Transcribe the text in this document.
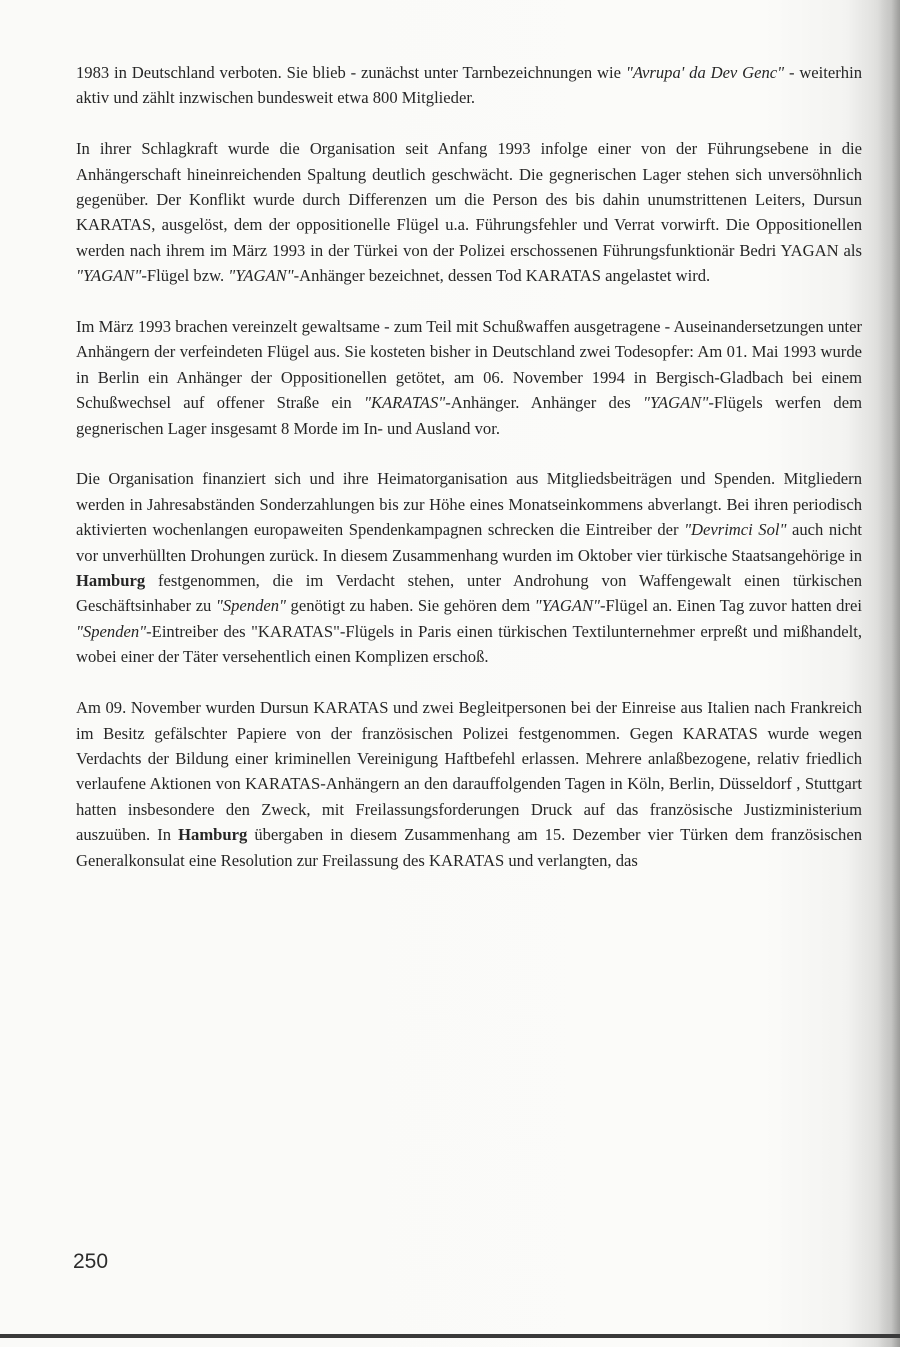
1983 in Deutschland verboten. Sie blieb - zunächst unter Tarnbezeichnungen wie "Avrupa' da Dev Genc" - weiterhin aktiv und zählt inzwischen bundesweit etwa 800 Mitglieder.

In ihrer Schlagkraft wurde die Organisation seit Anfang 1993 infolge einer von der Führungsebene in die Anhängerschaft hineinreichenden Spaltung deutlich geschwächt. Die gegnerischen Lager stehen sich unversöhnlich gegenüber. Der Konflikt wurde durch Differenzen um die Person des bis dahin unumstrittenen Leiters, Dursun KARATAS, ausgelöst, dem der oppositionelle Flügel u.a. Führungsfehler und Verrat vorwirft. Die Oppositionellen werden nach ihrem im März 1993 in der Türkei von der Polizei erschossenen Führungsfunktionär Bedri YAGAN als "YAGAN"-Flügel bzw. "YAGAN"-Anhänger bezeichnet, dessen Tod KARATAS angelastet wird.

Im März 1993 brachen vereinzelt gewaltsame - zum Teil mit Schußwaffen ausgetragene - Auseinandersetzungen unter Anhängern der verfeindeten Flügel aus. Sie kosteten bisher in Deutschland zwei Todesopfer: Am 01. Mai 1993 wurde in Berlin ein Anhänger der Oppositionellen getötet, am 06. November 1994 in Bergisch-Gladbach bei einem Schußwechsel auf offener Straße ein "KARATAS"-Anhänger. Anhänger des "YAGAN"-Flügels werfen dem gegnerischen Lager insgesamt 8 Morde im In- und Ausland vor.

Die Organisation finanziert sich und ihre Heimatorganisation aus Mitgliedsbeiträgen und Spenden. Mitgliedern werden in Jahresabständen Sonderzahlungen bis zur Höhe eines Monatseinkommens abverlangt. Bei ihren periodisch aktivierten wochenlangen europaweiten Spendenkampagnen schrecken die Eintreiber der "Devrimci Sol" auch nicht vor unverhüllten Drohungen zurück. In diesem Zusammenhang wurden im Oktober vier türkische Staatsangehörige in Hamburg festgenommen, die im Verdacht stehen, unter Androhung von Waffengewalt einen türkischen Geschäftsinhaber zu "Spenden" genötigt zu haben. Sie gehören dem "YAGAN"-Flügel an. Einen Tag zuvor hatten drei "Spenden"-Eintreiber des "KARATAS"-Flügels in Paris einen türkischen Textilunternehmer erpreßt und mißhandelt, wobei einer der Täter versehentlich einen Komplizen erschoß.

Am 09. November wurden Dursun KARATAS und zwei Begleitpersonen bei der Einreise aus Italien nach Frankreich im Besitz gefälschter Papiere von der französischen Polizei festgenommen. Gegen KARATAS wurde wegen Verdachts der Bildung einer kriminellen Vereinigung Haftbefehl erlassen. Mehrere anlaßbezogene, relativ friedlich verlaufene Aktionen von KARATAS-Anhängern an den darauffolgenden Tagen in Köln, Berlin, Düsseldorf , Stuttgart hatten insbesondere den Zweck, mit Freilassungsforderungen Druck auf das französische Justizministerium auszuüben. In Hamburg übergaben in diesem Zusammenhang am 15. Dezember vier Türken dem französischen Generalkonsulat eine Resolution zur Freilassung des KARATAS und verlangten, das

250
